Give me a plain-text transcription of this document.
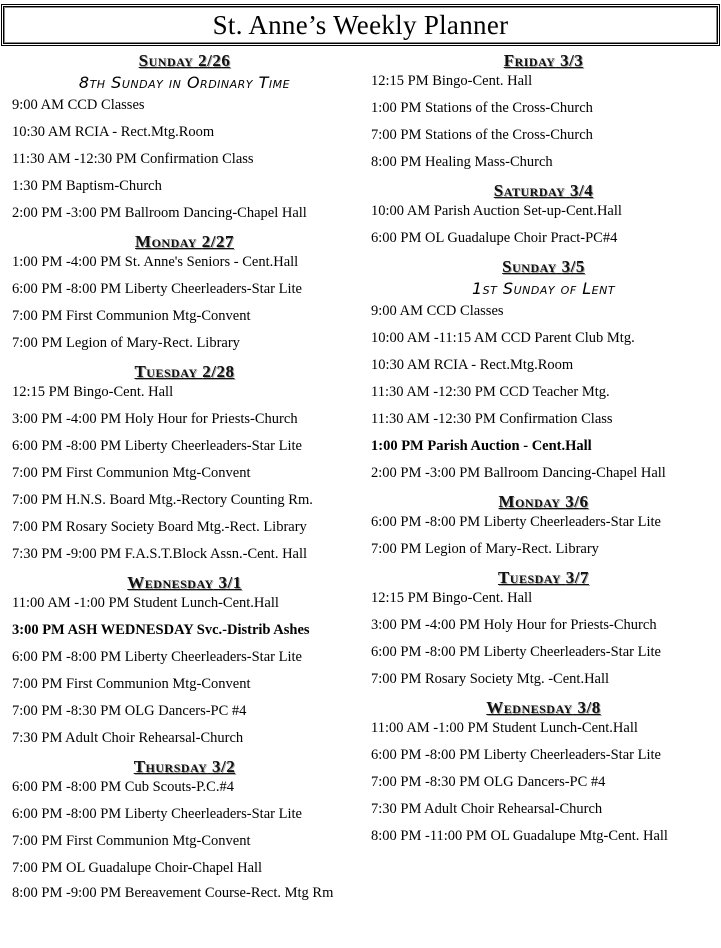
St. Anne’s Weekly Planner
Sunday 2/26
8th Sunday in Ordinary Time
9:00 AM CCD Classes
10:30 AM RCIA - Rect.Mtg.Room
11:30 AM -12:30 PM Confirmation Class
1:30 PM Baptism-Church
2:00 PM -3:00 PM Ballroom Dancing-Chapel Hall
Monday 2/27
1:00 PM -4:00 PM St. Anne's Seniors - Cent.Hall
6:00 PM -8:00 PM Liberty Cheerleaders-Star Lite
7:00 PM First Communion Mtg-Convent
7:00 PM Legion of Mary-Rect. Library
Tuesday 2/28
12:15 PM Bingo-Cent. Hall
3:00 PM -4:00 PM Holy Hour for Priests-Church
6:00 PM -8:00 PM Liberty Cheerleaders-Star Lite
7:00 PM First Communion Mtg-Convent
7:00 PM H.N.S. Board Mtg.-Rectory Counting Rm.
7:00 PM Rosary Society Board Mtg.-Rect. Library
7:30 PM -9:00 PM F.A.S.T.Block Assn.-Cent. Hall
Wednesday 3/1
11:00 AM -1:00 PM Student Lunch-Cent.Hall
3:00 PM ASH WEDNESDAY Svc.-Distrib Ashes
6:00 PM -8:00 PM Liberty Cheerleaders-Star Lite
7:00 PM First Communion Mtg-Convent
7:00 PM -8:30 PM OLG Dancers-PC #4
7:30 PM Adult Choir Rehearsal-Church
Thursday 3/2
6:00 PM -8:00 PM Cub Scouts-P.C.#4
6:00 PM -8:00 PM Liberty Cheerleaders-Star Lite
7:00 PM First Communion Mtg-Convent
7:00 PM OL Guadalupe Choir-Chapel Hall
8:00 PM -9:00 PM Bereavement Course-Rect. Mtg Rm
Friday 3/3
12:15 PM Bingo-Cent. Hall
1:00 PM Stations of the Cross-Church
7:00 PM Stations of the Cross-Church
8:00 PM Healing Mass-Church
Saturday 3/4
10:00 AM Parish Auction Set-up-Cent.Hall
6:00 PM OL Guadalupe Choir Pract-PC#4
Sunday 3/5
1st Sunday of Lent
9:00 AM CCD Classes
10:00 AM -11:15 AM CCD Parent Club Mtg.
10:30 AM RCIA - Rect.Mtg.Room
11:30 AM -12:30 PM CCD Teacher Mtg.
11:30 AM -12:30 PM Confirmation Class
1:00 PM Parish Auction - Cent.Hall
2:00 PM -3:00 PM Ballroom Dancing-Chapel Hall
Monday 3/6
6:00 PM -8:00 PM Liberty Cheerleaders-Star Lite
7:00 PM Legion of Mary-Rect. Library
Tuesday 3/7
12:15 PM Bingo-Cent. Hall
3:00 PM -4:00 PM Holy Hour for Priests-Church
6:00 PM -8:00 PM Liberty Cheerleaders-Star Lite
7:00 PM Rosary Society Mtg. -Cent.Hall
Wednesday 3/8
11:00 AM -1:00 PM Student Lunch-Cent.Hall
6:00 PM -8:00 PM Liberty Cheerleaders-Star Lite
7:00 PM -8:30 PM OLG Dancers-PC #4
7:30 PM Adult Choir Rehearsal-Church
8:00 PM -11:00 PM OL Guadalupe Mtg-Cent. Hall
